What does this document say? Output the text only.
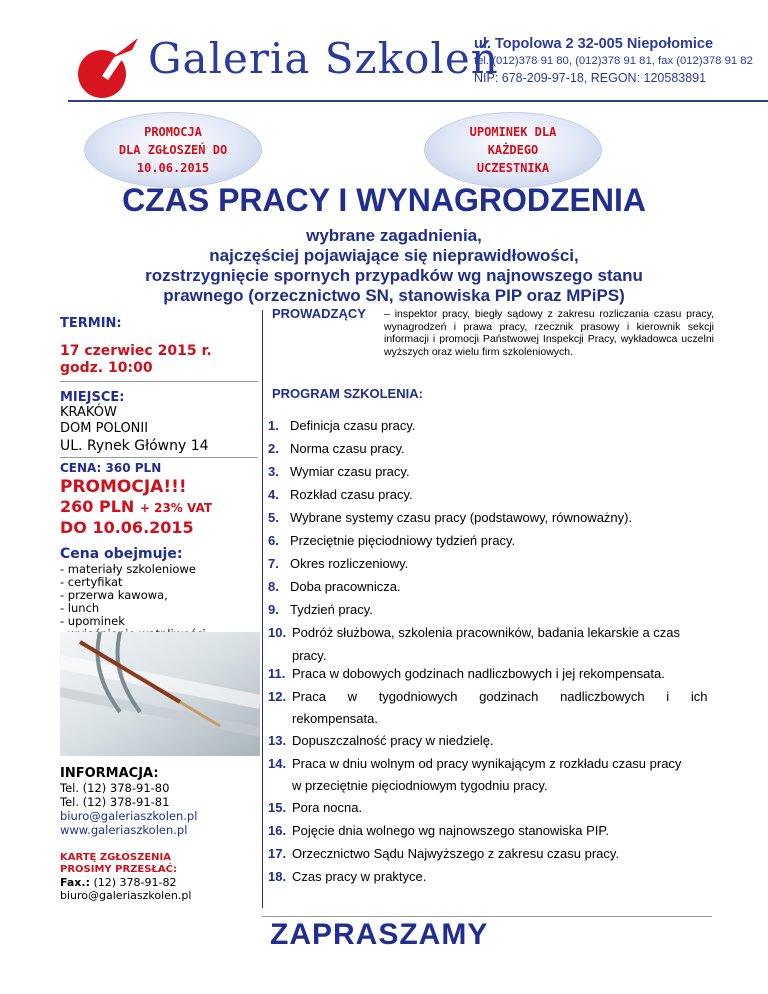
Galeria Szkoleń
ul. Topolowa 2 32-005 Niepołomice
tel. (012)378 91 80, (012)378 91 81, fax (012)378 91 82
NIP: 678-209-97-18, REGON: 120583891
PROMOCJA
DLA ZGŁOSZEŃ DO
10.06.2015
UPOMINEK DLA
KAŻDEGO
UCZESTNIKA
CZAS PRACY I WYNAGRODZENIA
wybrane zagadnienia,
najczęściej pojawiające się nieprawidłowości,
rozstrzygnięcie spornych przypadków wg najnowszego stanu
prawnego (orzecznictwo SN, stanowiska PIP oraz MPiPS)
TERMIN:
17 czerwiec 2015 r.
godz. 10:00
MIEJSCE:
KRAKÓW
DOM POLONII
UL. Rynek Główny 14
CENA: 360 PLN
PROMOCJA!!!
260 PLN + 23% VAT
DO 10.06.2015
Cena obejmuje:
- materiały szkoleniowe
- certyfikat
- przerwa kawowa,
- lunch
- upominek
INFORMACJA:
Tel. (12) 378-91-80
Tel. (12) 378-91-81
biuro@galeriaszkolen.pl
www.galeriaszkolen.pl
KARTĘ ZGŁOSZENIA
PROSIMY PRZESŁAĆ:
Fax.: (12) 378-91-82
biuro@galeriaszkolen.pl
PROWADZĄCY – inspektor pracy, biegły sądowy z zakresu rozliczania czasu pracy, wynagrodzeń i prawa pracy, rzecznik prasowy i kierownik sekcji informacji i promocji Państwowej Inspekcji Pracy, wykładowca uczelni wyższych oraz wielu firm szkoleniowych.
PROGRAM SZKOLENIA:
1. Definicja czasu pracy.
2. Norma czasu pracy.
3. Wymiar czasu pracy.
4. Rozkład czasu pracy.
5. Wybrane systemy czasu pracy (podstawowy, równoważny).
6. Przeciętnie pięciodniowy tydzień pracy.
7. Okres rozliczeniowy.
8. Doba pracownicza.
9. Tydzień pracy.
10. Podróż służbowa, szkolenia pracowników, badania lekarskie a czas
pracy.
11. Praca w dobowych godzinach nadliczbowych i jej rekompensata.
12. Praca      w      tygodniowych      godzinach      nadliczbowych      i      ich
rekompensata.
13. Dopuszczalność pracy w niedzielę.
14. Praca w dniu wolnym od pracy wynikającym z rozkładu czasu pracy
w przeciętnie pięciodniowym tygodniu pracy.
15. Pora nocna.
16. Pojęcie dnia wolnego wg najnowszego stanowiska PIP.
17. Orzecznictwo Sądu Najwyższego z zakresu czasu pracy.
18. Czas pracy w praktyce.
ZAPRASZAMY
